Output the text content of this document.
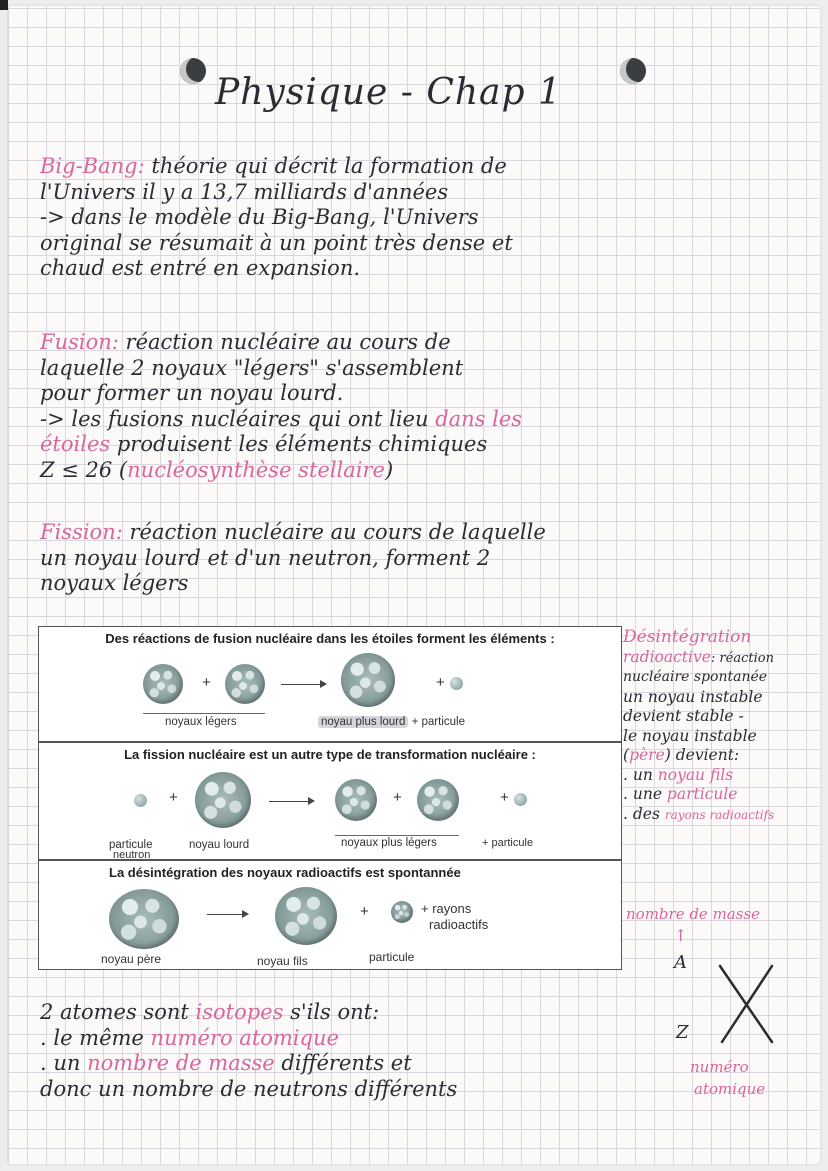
Physique - Chap 1
Big-Bang: théorie qui décrit la formation de
l'Univers il y a 13,7 milliards d'années
-> dans le modèle du Big-Bang, l'Univers
original se résumait à un point très dense et
chaud est entré en expansion.
Fusion: réaction nucléaire au cours de
laquelle 2 noyaux "légers" s'assemblent
pour former un noyau lourd.
-> les fusions nucléaires qui ont lieu dans les
étoiles produisent les éléments chimiques
Z ≤ 26 (nucléosynthèse stellaire)
Fission: réaction nucléaire au cours de laquelle
un noyau lourd et d'un neutron, forment 2
noyaux légers
Des réactions de fusion nucléaire dans les étoiles forment les éléments :
+	+
noyaux légers	noyau plus lourd + particule
La fission nucléaire est un autre type de transformation nucléaire :
+	+	+
particule
neutron
noyau lourd	noyaux plus légers	+ particule
La désintégration des noyaux radioactifs est spontannée
+	+ rayons
radioactifs
noyau père	noyau fils	particule
Désintégration
radioactive: réaction
nucléaire spontanée
un noyau instable
devient stable -
le noyau instable
(père) devient:
. un noyau fils
. une particule
. des rayons radioactifs
nombre de masse
↑
A
Z
numéro
atomique
2 atomes sont isotopes s'ils ont:
. le même numéro atomique
. un nombre de masse différents et
donc un nombre de neutrons différents
